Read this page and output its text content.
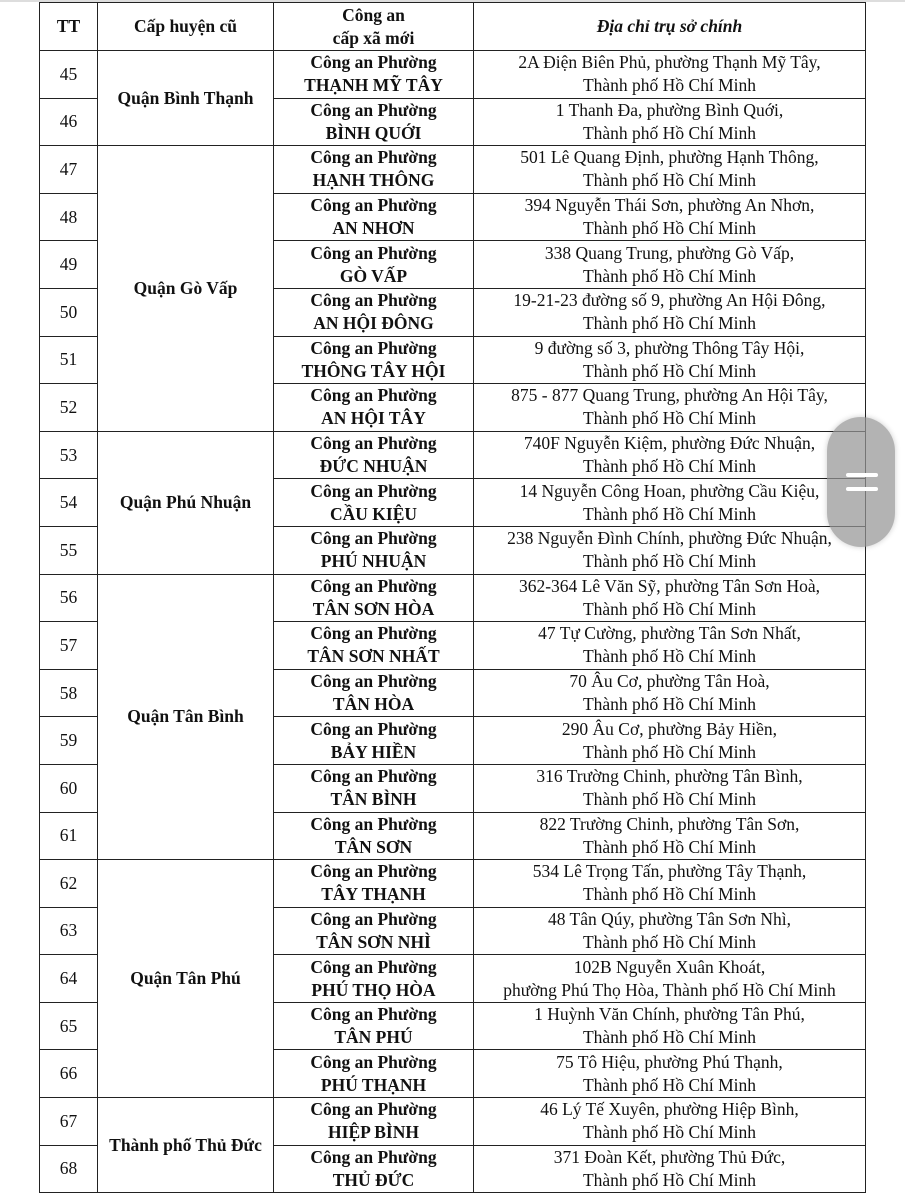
TT	Cấp huyện cũ	Công an
cấp xã mới	Địa chỉ trụ sở chính
45	Quận Bình Thạnh	Công an Phường
THẠNH MỸ TÂY	2A Điện Biên Phủ, phường Thạnh Mỹ Tây,
Thành phố Hồ Chí Minh

46		Công an Phường
BÌNH QUỚI	1 Thanh Đa, phường Bình Quới,
Thành phố Hồ Chí Minh

47	Quận Gò Vấp	Công an Phường
HẠNH THÔNG	501 Lê Quang Định, phường Hạnh Thông,
Thành phố Hồ Chí Minh

48		Công an Phường
AN NHƠN	394 Nguyễn Thái Sơn, phường An Nhơn,
Thành phố Hồ Chí Minh

49		Công an Phường
GÒ VẤP	338 Quang Trung, phường Gò Vấp,
Thành phố Hồ Chí Minh

50		Công an Phường
AN HỘI ĐÔNG	19-21-23 đường số 9, phường An Hội Đông,
Thành phố Hồ Chí Minh

51		Công an Phường
THÔNG TÂY HỘI	9 đường số 3, phường Thông Tây Hội,
Thành phố Hồ Chí Minh

52		Công an Phường
AN HỘI TÂY	875 - 877 Quang Trung, phường An Hội Tây,
Thành phố Hồ Chí Minh

53	Quận Phú Nhuận	Công an Phường
ĐỨC NHUẬN	740F Nguyễn Kiệm, phường Đức Nhuận,
Thành phố Hồ Chí Minh

54		Công an Phường
CẦU KIỆU	14 Nguyễn Công Hoan, phường Cầu Kiệu,
Thành phố Hồ Chí Minh

55		Công an Phường
PHÚ NHUẬN	238 Nguyễn Đình Chính, phường Đức Nhuận,
Thành phố Hồ Chí Minh

56	Quận Tân Bình	Công an Phường
TÂN SƠN HÒA	362-364 Lê Văn Sỹ, phường Tân Sơn Hoà,
Thành phố Hồ Chí Minh

57		Công an Phường
TÂN SƠN NHẤT	47 Tự Cường, phường Tân Sơn Nhất,
Thành phố Hồ Chí Minh

58		Công an Phường
TÂN HÒA	70 Âu Cơ, phường Tân Hoà,
Thành phố Hồ Chí Minh

59		Công an Phường
BẢY HIỀN	290 Âu Cơ, phường Bảy Hiền,
Thành phố Hồ Chí Minh

60		Công an Phường
TÂN BÌNH	316 Trường Chinh, phường Tân Bình,
Thành phố Hồ Chí Minh

61		Công an Phường
TÂN SƠN	822 Trường Chinh, phường Tân Sơn,
Thành phố Hồ Chí Minh

62	Quận Tân Phú	Công an Phường
TÂY THẠNH	534 Lê Trọng Tấn, phường Tây Thạnh,
Thành phố Hồ Chí Minh

63		Công an Phường
TÂN SƠN NHÌ	48 Tân Qúy, phường Tân Sơn Nhì,
Thành phố Hồ Chí Minh

64		Công an Phường
PHÚ THỌ HÒA	102B Nguyễn Xuân Khoát,
phường Phú Thọ Hòa, Thành phố Hồ Chí Minh

65		Công an Phường
TÂN PHÚ	1 Huỳnh Văn Chính, phường Tân Phú,
Thành phố Hồ Chí Minh

66		Công an Phường
PHÚ THẠNH	75 Tô Hiệu, phường Phú Thạnh,
Thành phố Hồ Chí Minh

67	Thành phố Thủ Đức	Công an Phường
HIỆP BÌNH	46 Lý Tế Xuyên, phường Hiệp Bình,
Thành phố Hồ Chí Minh

68		Công an Phường
THỦ ĐỨC	371 Đoàn Kết, phường Thủ Đức,
Thành phố Hồ Chí Minh
